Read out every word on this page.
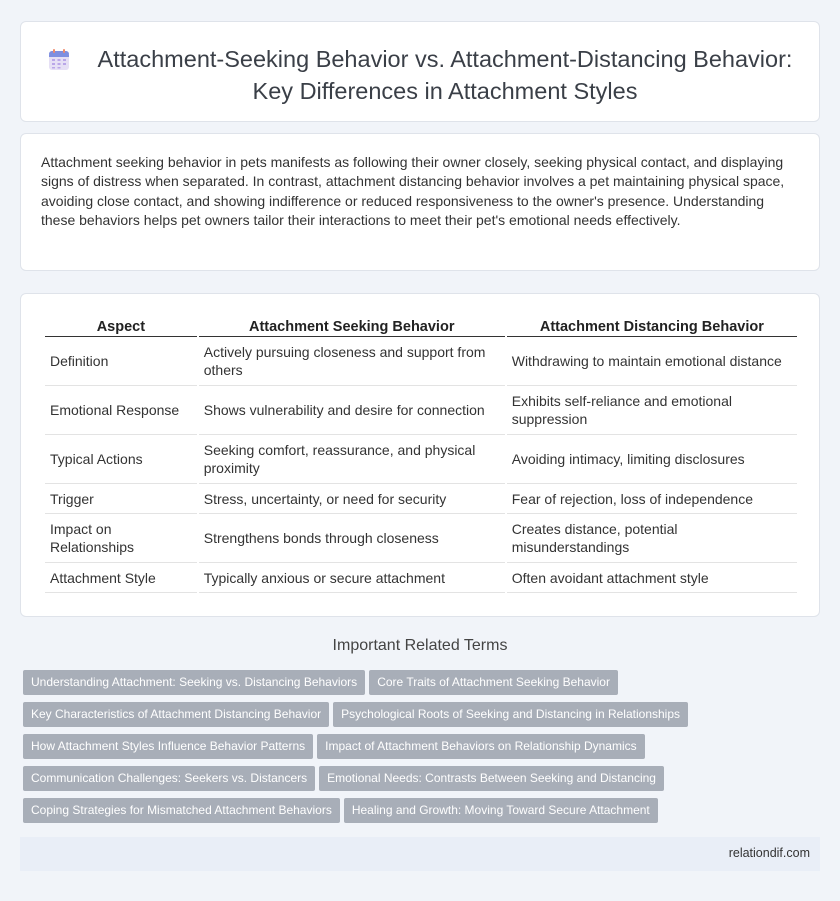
Attachment-Seeking Behavior vs. Attachment-Distancing Behavior: Key Differences in Attachment Styles

Attachment seeking behavior in pets manifests as following their owner closely, seeking physical contact, and displaying signs of distress when separated. In contrast, attachment distancing behavior involves a pet maintaining physical space, avoiding close contact, and showing indifference or reduced responsiveness to the owner's presence. Understanding these behaviors helps pet owners tailor their interactions to meet their pet's emotional needs effectively.

Aspect	Attachment Seeking Behavior	Attachment Distancing Behavior
Definition	Actively pursuing closeness and support from others	Withdrawing to maintain emotional distance
Emotional Response	Shows vulnerability and desire for connection	Exhibits self-reliance and emotional suppression
Typical Actions	Seeking comfort, reassurance, and physical proximity	Avoiding intimacy, limiting disclosures
Trigger	Stress, uncertainty, or need for security	Fear of rejection, loss of independence
Impact on Relationships	Strengthens bonds through closeness	Creates distance, potential misunderstandings
Attachment Style	Typically anxious or secure attachment	Often avoidant attachment style
Important Related Terms
Understanding Attachment: Seeking vs. Distancing Behaviors Core Traits of Attachment Seeking Behavior
Key Characteristics of Attachment Distancing Behavior Psychological Roots of Seeking and Distancing in Relationships
How Attachment Styles Influence Behavior Patterns Impact of Attachment Behaviors on Relationship Dynamics
Communication Challenges: Seekers vs. Distancers Emotional Needs: Contrasts Between Seeking and Distancing
Coping Strategies for Mismatched Attachment Behaviors Healing and Growth: Moving Toward Secure Attachment
relationdif.com
